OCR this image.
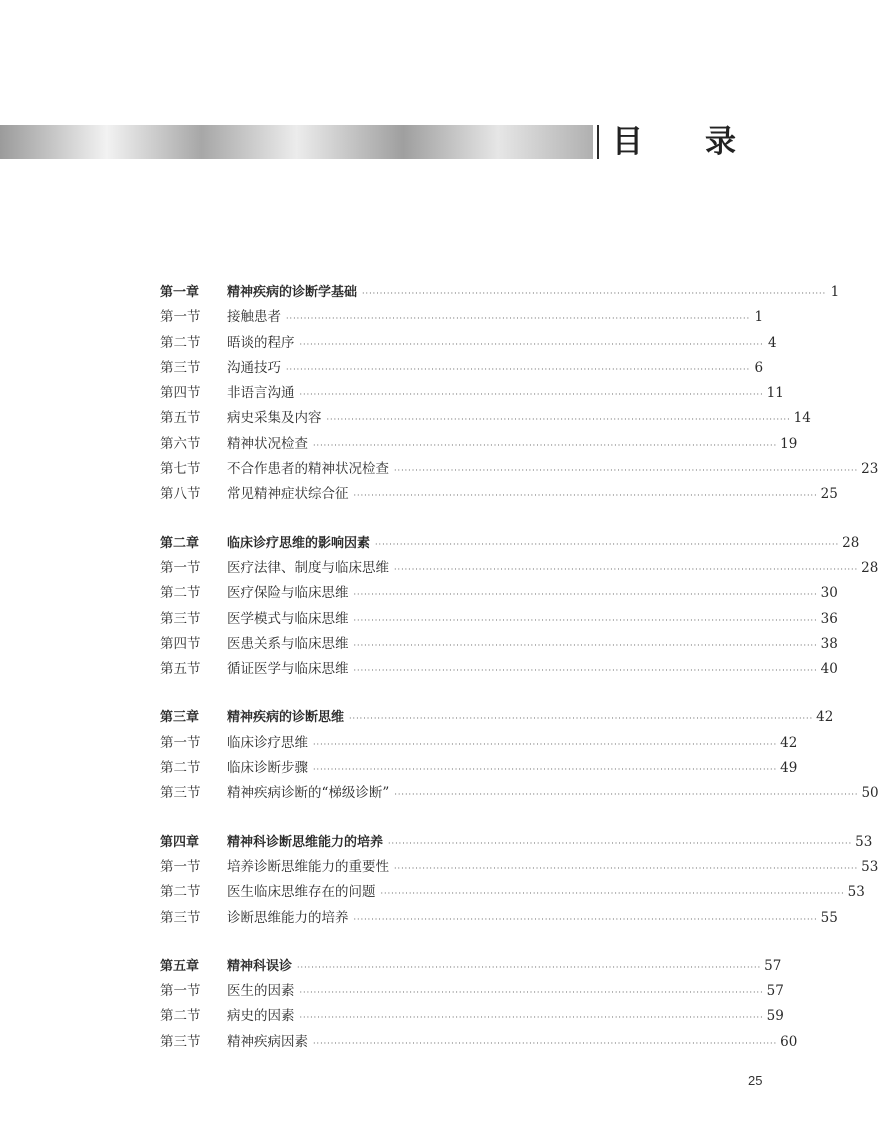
目 录
第一章	精神疾病的诊断学基础 ··································································································································· 1
第一节	接触患者 ··································································································································· 1
第二节	晤谈的程序 ··································································································································· 4
第三节	沟通技巧 ··································································································································· 6
第四节	非语言沟通 ··································································································································· 11
第五节	病史采集及内容 ··································································································································· 14
第六节	精神状况检查 ··································································································································· 19
第七节	不合作患者的精神状况检查 ··································································································································· 23
第八节	常见精神症状综合征 ··································································································································· 25
第二章	临床诊疗思维的影响因素 ··································································································································· 28
第一节	医疗法律、制度与临床思维 ··································································································································· 28
第二节	医疗保险与临床思维 ··································································································································· 30
第三节	医学模式与临床思维 ··································································································································· 36
第四节	医患关系与临床思维 ··································································································································· 38
第五节	循证医学与临床思维 ··································································································································· 40
第三章	精神疾病的诊断思维 ··································································································································· 42
第一节	临床诊疗思维 ··································································································································· 42
第二节	临床诊断步骤 ··································································································································· 49
第三节	精神疾病诊断的“梯级诊断” ··································································································································· 50
第四章	精神科诊断思维能力的培养 ··································································································································· 53
第一节	培养诊断思维能力的重要性 ··································································································································· 53
第二节	医生临床思维存在的问题 ··································································································································· 53
第三节	诊断思维能力的培养 ··································································································································· 55
第五章	精神科误诊 ··································································································································· 57
第一节	医生的因素 ··································································································································· 57
第二节	病史的因素 ··································································································································· 59
第三节	精神疾病因素 ··································································································································· 60
25
